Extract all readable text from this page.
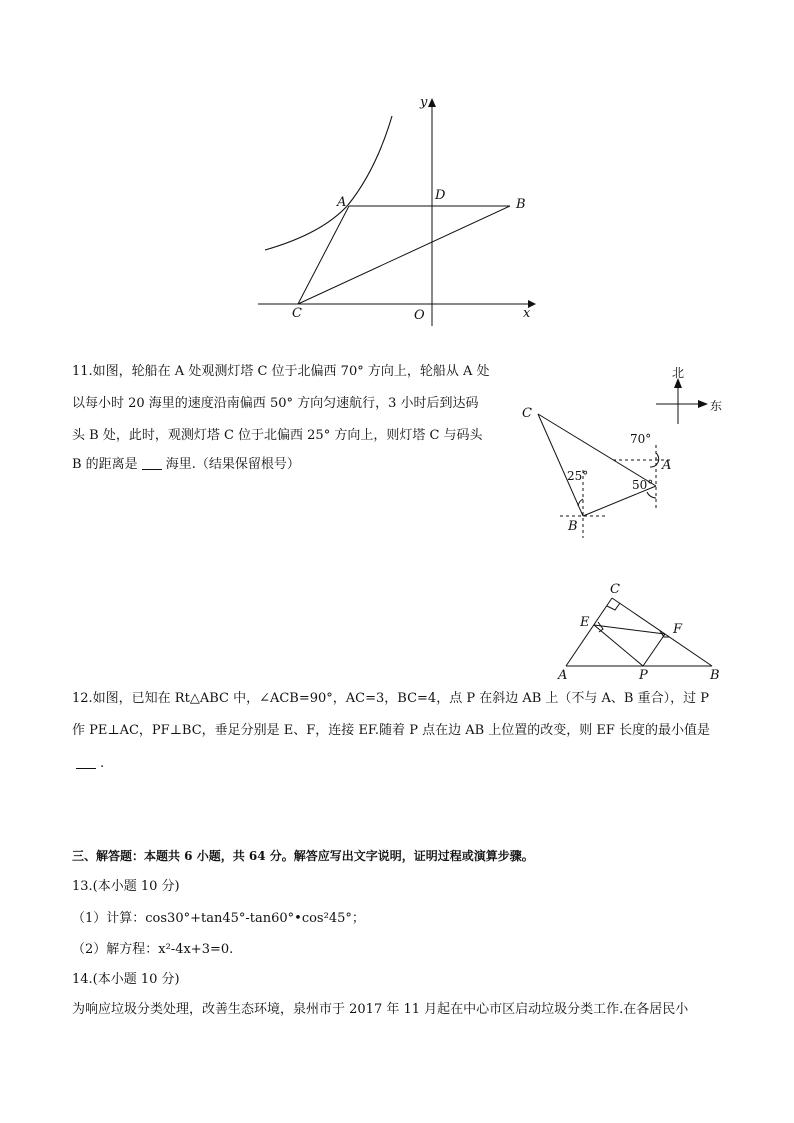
y
A	D
B
C	O	x
11.如图，轮船在 A 处观测灯塔 C 位于北偏西 70° 方向上，轮船从 A 处
以每小时 20 海里的速度沿南偏西 50° 方向匀速航行，3 小时后到达码
头 B 处，此时，观测灯塔 C 位于北偏西 25° 方向上，则灯塔 C 与码头
B 的距离是 海里.（结果保留根号）
北
东
C
A
B
70°
50°
25°
C
E	F
A	P	B
12.如图，已知在 Rt△ABC 中，∠ACB=90°，AC=3，BC=4，点 P 在斜边 AB 上（不与 A、B 重合），过 P
作 PE⊥AC，PF⊥BC，垂足分别是 E、F，连接 EF.随着 P 点在边 AB 上位置的改变，则 EF 长度的最小值是
.
三、解答题：本题共 6 小题，共 64 分。解答应写出文字说明，证明过程或演算步骤。
13.(本小题 10 分)
（1）计算：cos30°+tan45°-tan60°•cos²45°；
（2）解方程：x²-4x+3=0.
14.(本小题 10 分)
为响应垃圾分类处理，改善生态环境，泉州市于 2017 年 11 月起在中心市区启动垃圾分类工作.在各居民小
